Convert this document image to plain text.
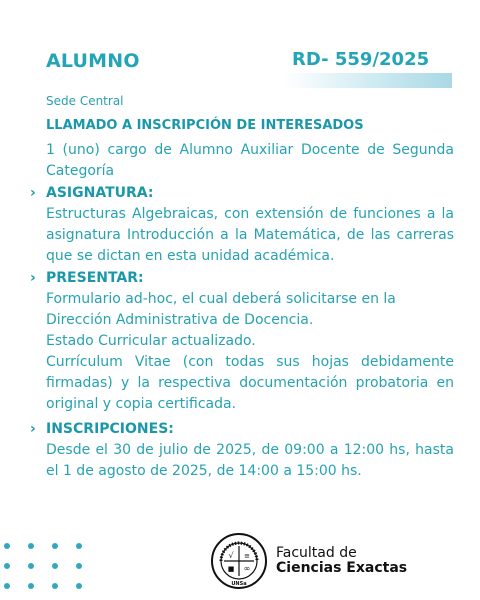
ALUMNO	RD- 559/2025
Sede Central
LLAMADO A INSCRIPCIÓN DE INTERESADOS
1 (uno) cargo de Alumno Auxiliar Docente de Segunda Categoría
› ASIGNATURA:
Estructuras Algebraicas, con extensión de funciones a la asignatura Introducción a la Matemática, de las carreras que se dictan en esta unidad académica.
› PRESENTAR:
Formulario ad-hoc, el cual deberá solicitarse en la Dirección Administrativa de Docencia.
Estado Curricular actualizado.
Currículum Vitae (con todas sus hojas debidamente firmadas) y la respectiva documentación probatoria en original y copia certificada.
› INSCRIPCIONES:
Desde el 30 de julio de 2025, de 09:00 a 12:00 hs, hasta el 1 de agosto de 2025, de 14:00 a 15:00 hs.
√ ≡
■ ∞
UNSa
Facultad de
Ciencias Exactas
